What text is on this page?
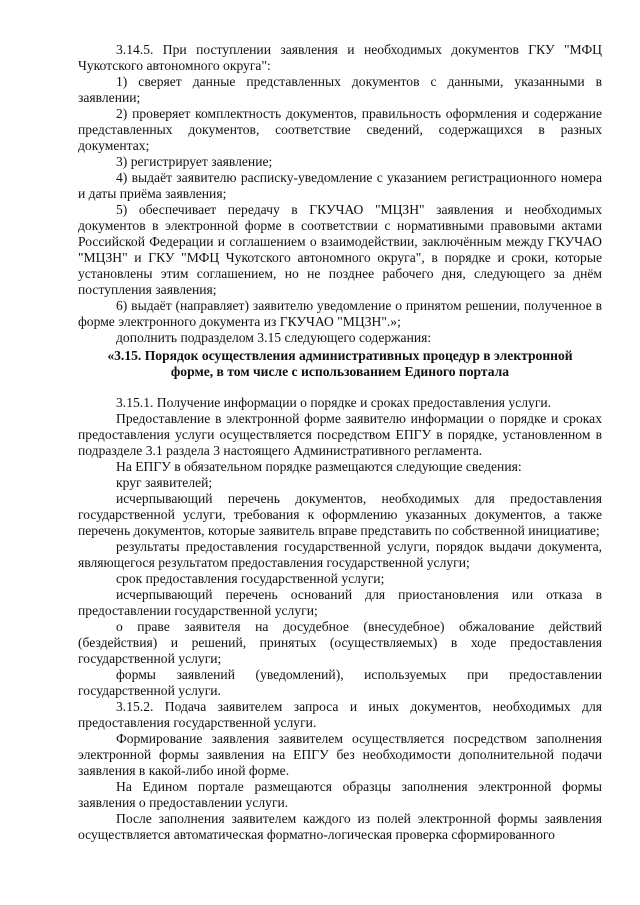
3.14.5. При поступлении заявления и необходимых документов ГКУ "МФЦ Чукотского автономного округа":

1) сверяет данные представленных документов с данными, указанными в заявлении;

2) проверяет комплектность документов, правильность оформления и содержание представленных документов, соответствие сведений, содержащихся в разных документах;

3) регистрирует заявление;

4) выдаёт заявителю расписку-уведомление с указанием регистрационного номера и даты приёма заявления;

5) обеспечивает передачу в ГКУЧАО "МЦЗН" заявления и необходимых документов в электронной форме в соответствии с нормативными правовыми актами Российской Федерации и соглашением о взаимодействии, заключённым между ГКУЧАО "МЦЗН" и ГКУ "МФЦ Чукотского автономного округа", в порядке и сроки, которые установлены этим соглашением, но не позднее рабочего дня, следующего за днём поступления заявления;

6) выдаёт (направляет) заявителю уведомление о принятом решении, полученное в форме электронного документа из ГКУЧАО "МЦЗН".»;

дополнить подразделом 3.15 следующего содержания:

«3.15. Порядок осуществления административных процедур в электронной
форме, в том числе с использованием Единого портала

3.15.1. Получение информации о порядке и сроках предоставления услуги.

Предоставление в электронной форме заявителю информации о порядке и сроках предоставления услуги осуществляется посредством ЕПГУ в порядке, установленном в подразделе 3.1 раздела 3 настоящего Административного регламента.

На ЕПГУ в обязательном порядке размещаются следующие сведения:

круг заявителей;

исчерпывающий перечень документов, необходимых для предоставления государственной услуги, требования к оформлению указанных документов, а также перечень документов, которые заявитель вправе представить по собственной инициативе;

результаты предоставления государственной услуги, порядок выдачи документа, являющегося результатом предоставления государственной услуги;

срок предоставления государственной услуги;

исчерпывающий перечень оснований для приостановления или отказа в предоставлении государственной услуги;

о праве заявителя на досудебное (внесудебное) обжалование действий (бездействия) и решений, принятых (осуществляемых) в ходе предоставления государственной услуги;

формы заявлений (уведомлений), используемых при предоставлении государственной услуги.

3.15.2. Подача заявителем запроса и иных документов, необходимых для предоставления государственной услуги.

Формирование заявления заявителем осуществляется посредством заполнения электронной формы заявления на ЕПГУ без необходимости дополнительной подачи заявления в какой-либо иной форме.

На Едином портале размещаются образцы заполнения электронной формы заявления о предоставлении услуги.

После заполнения заявителем каждого из полей электронной формы заявления осуществляется автоматическая форматно-логическая проверка сформированного
